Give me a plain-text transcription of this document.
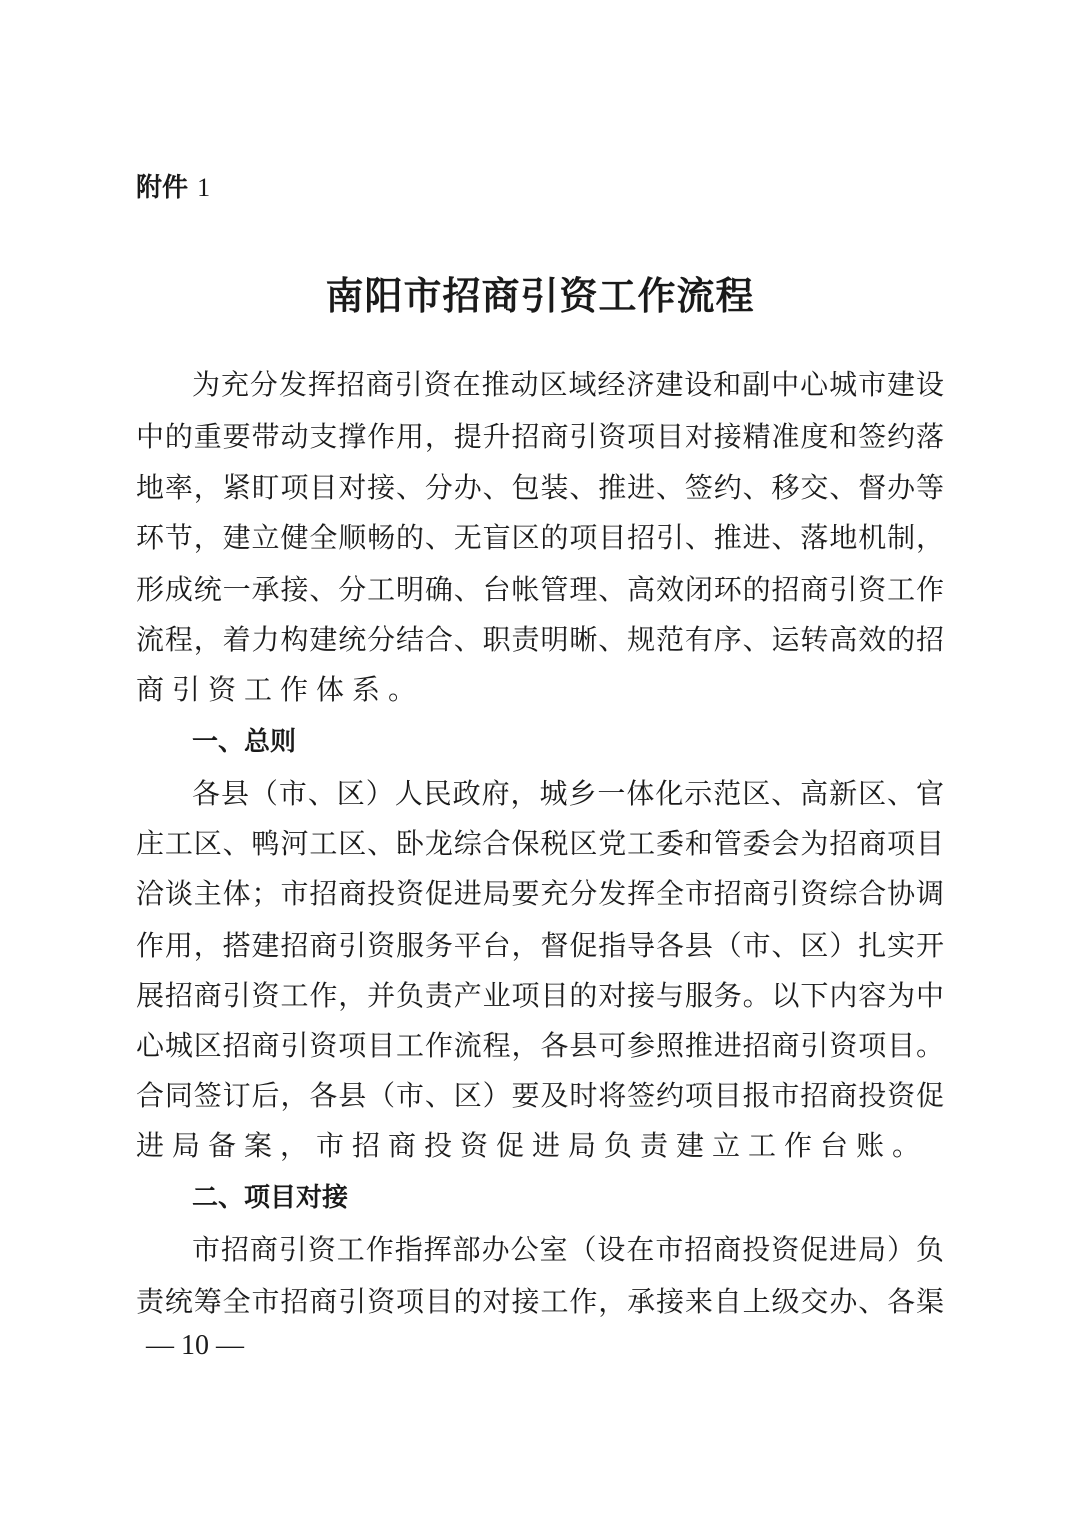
附件 1
南阳市招商引资工作流程
为充分发挥招商引资在推动区域经济建设和副中心城市建设
中的重要带动支撑作用，提升招商引资项目对接精准度和签约落
地率，紧盯项目对接、分办、包装、推进、签约、移交、督办等
环节，建立健全顺畅的、无盲区的项目招引、推进、落地机制，
形成统一承接、分工明确、台帐管理、高效闭环的招商引资工作
流程，着力构建统分结合、职责明晰、规范有序、运转高效的招
商引资工作体系。
一、总则
各县（市、区）人民政府，城乡一体化示范区、高新区、官
庄工区、鸭河工区、卧龙综合保税区党工委和管委会为招商项目
洽谈主体；市招商投资促进局要充分发挥全市招商引资综合协调
作用，搭建招商引资服务平台，督促指导各县（市、区）扎实开
展招商引资工作，并负责产业项目的对接与服务。以下内容为中
心城区招商引资项目工作流程，各县可参照推进招商引资项目。
合同签订后，各县（市、区）要及时将签约项目报市招商投资促
进局备案，市招商投资促进局负责建立工作台账。
二、项目对接
市招商引资工作指挥部办公室（设在市招商投资促进局）负
责统筹全市招商引资项目的对接工作，承接来自上级交办、各渠
— 10 —
